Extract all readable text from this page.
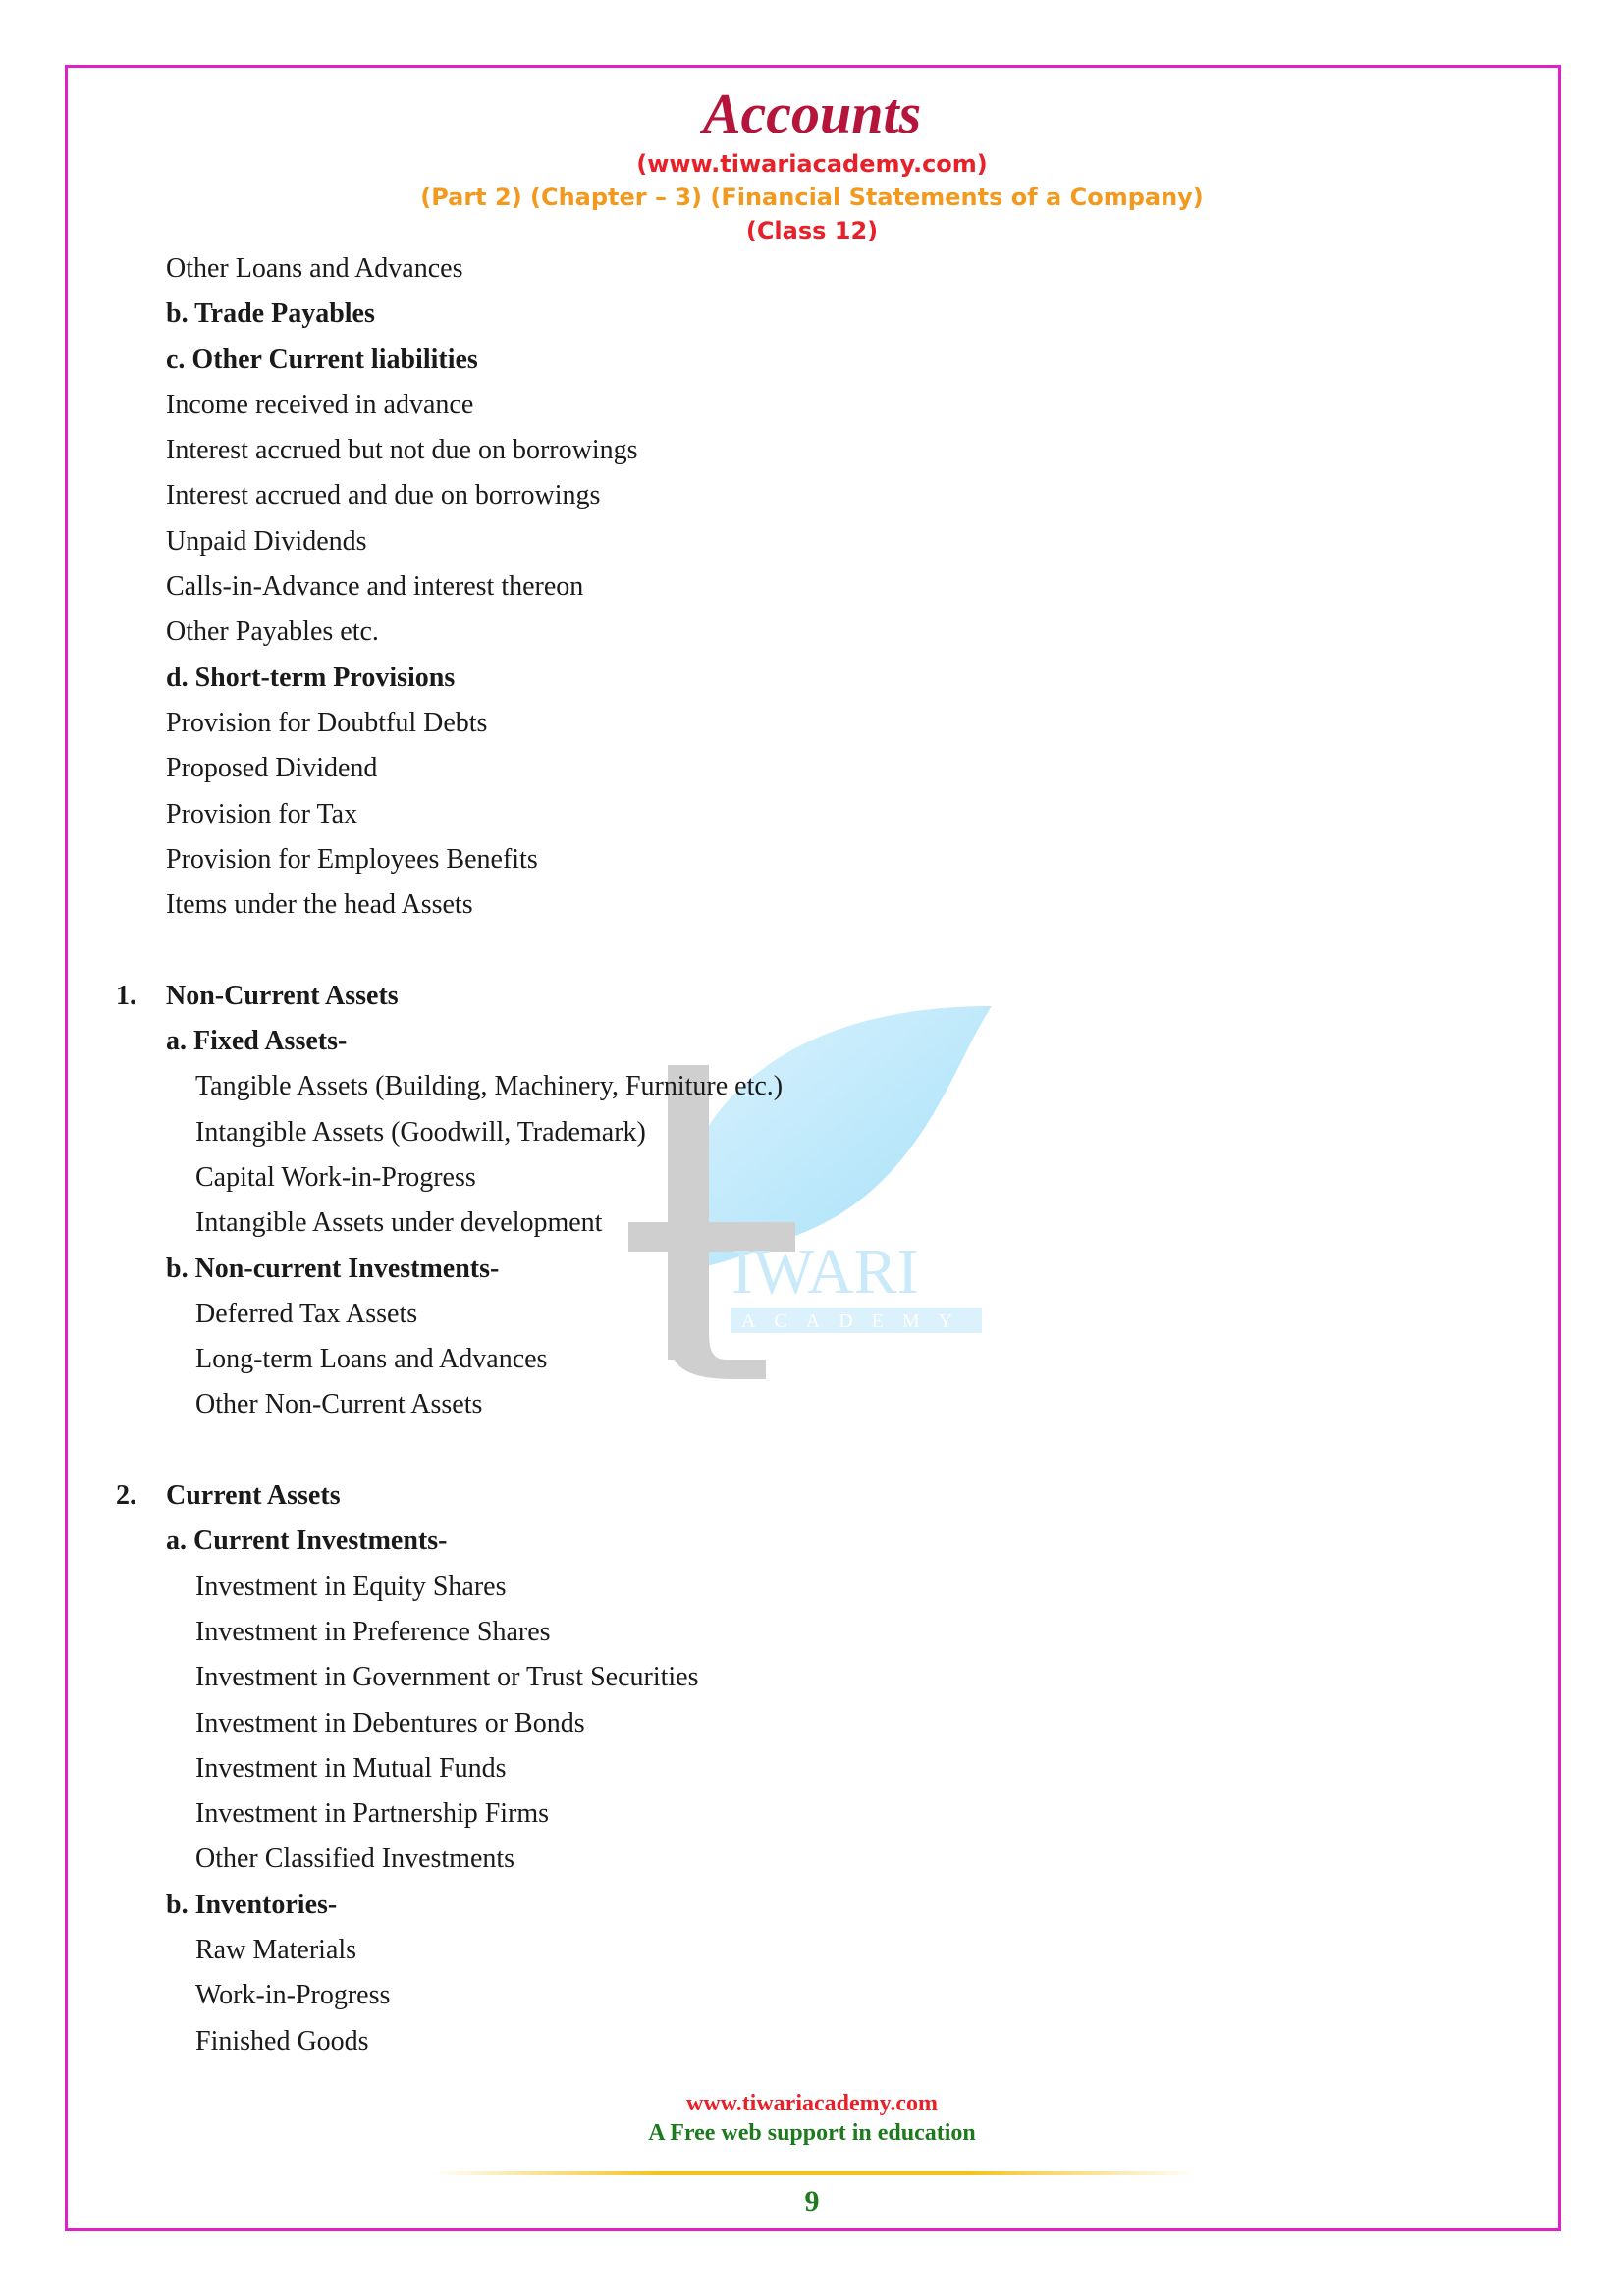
Accounts
(www.tiwariacademy.com)
(Part 2) (Chapter – 3) (Financial Statements of a Company)
(Class 12)
IWARI
ACADEMY
Other Loans and Advances
b. Trade Payables
c. Other Current liabilities
Income received in advance
Interest accrued but not due on borrowings
Interest accrued and due on borrowings
Unpaid Dividends
Calls-in-Advance and interest thereon
Other Payables etc.
d. Short-term Provisions
Provision for Doubtful Debts
Proposed Dividend
Provision for Tax
Provision for Employees Benefits
Items under the head Assets
1. Non-Current Assets
a. Fixed Assets-
Tangible Assets (Building, Machinery, Furniture etc.)
Intangible Assets (Goodwill, Trademark)
Capital Work-in-Progress
Intangible Assets under development
b. Non-current Investments-
Deferred Tax Assets
Long-term Loans and Advances
Other Non-Current Assets
2. Current Assets
a. Current Investments-
Investment in Equity Shares
Investment in Preference Shares
Investment in Government or Trust Securities
Investment in Debentures or Bonds
Investment in Mutual Funds
Investment in Partnership Firms
Other Classified Investments
b. Inventories-
Raw Materials
Work-in-Progress
Finished Goods
www.tiwariacademy.com
A Free web support in education
9
